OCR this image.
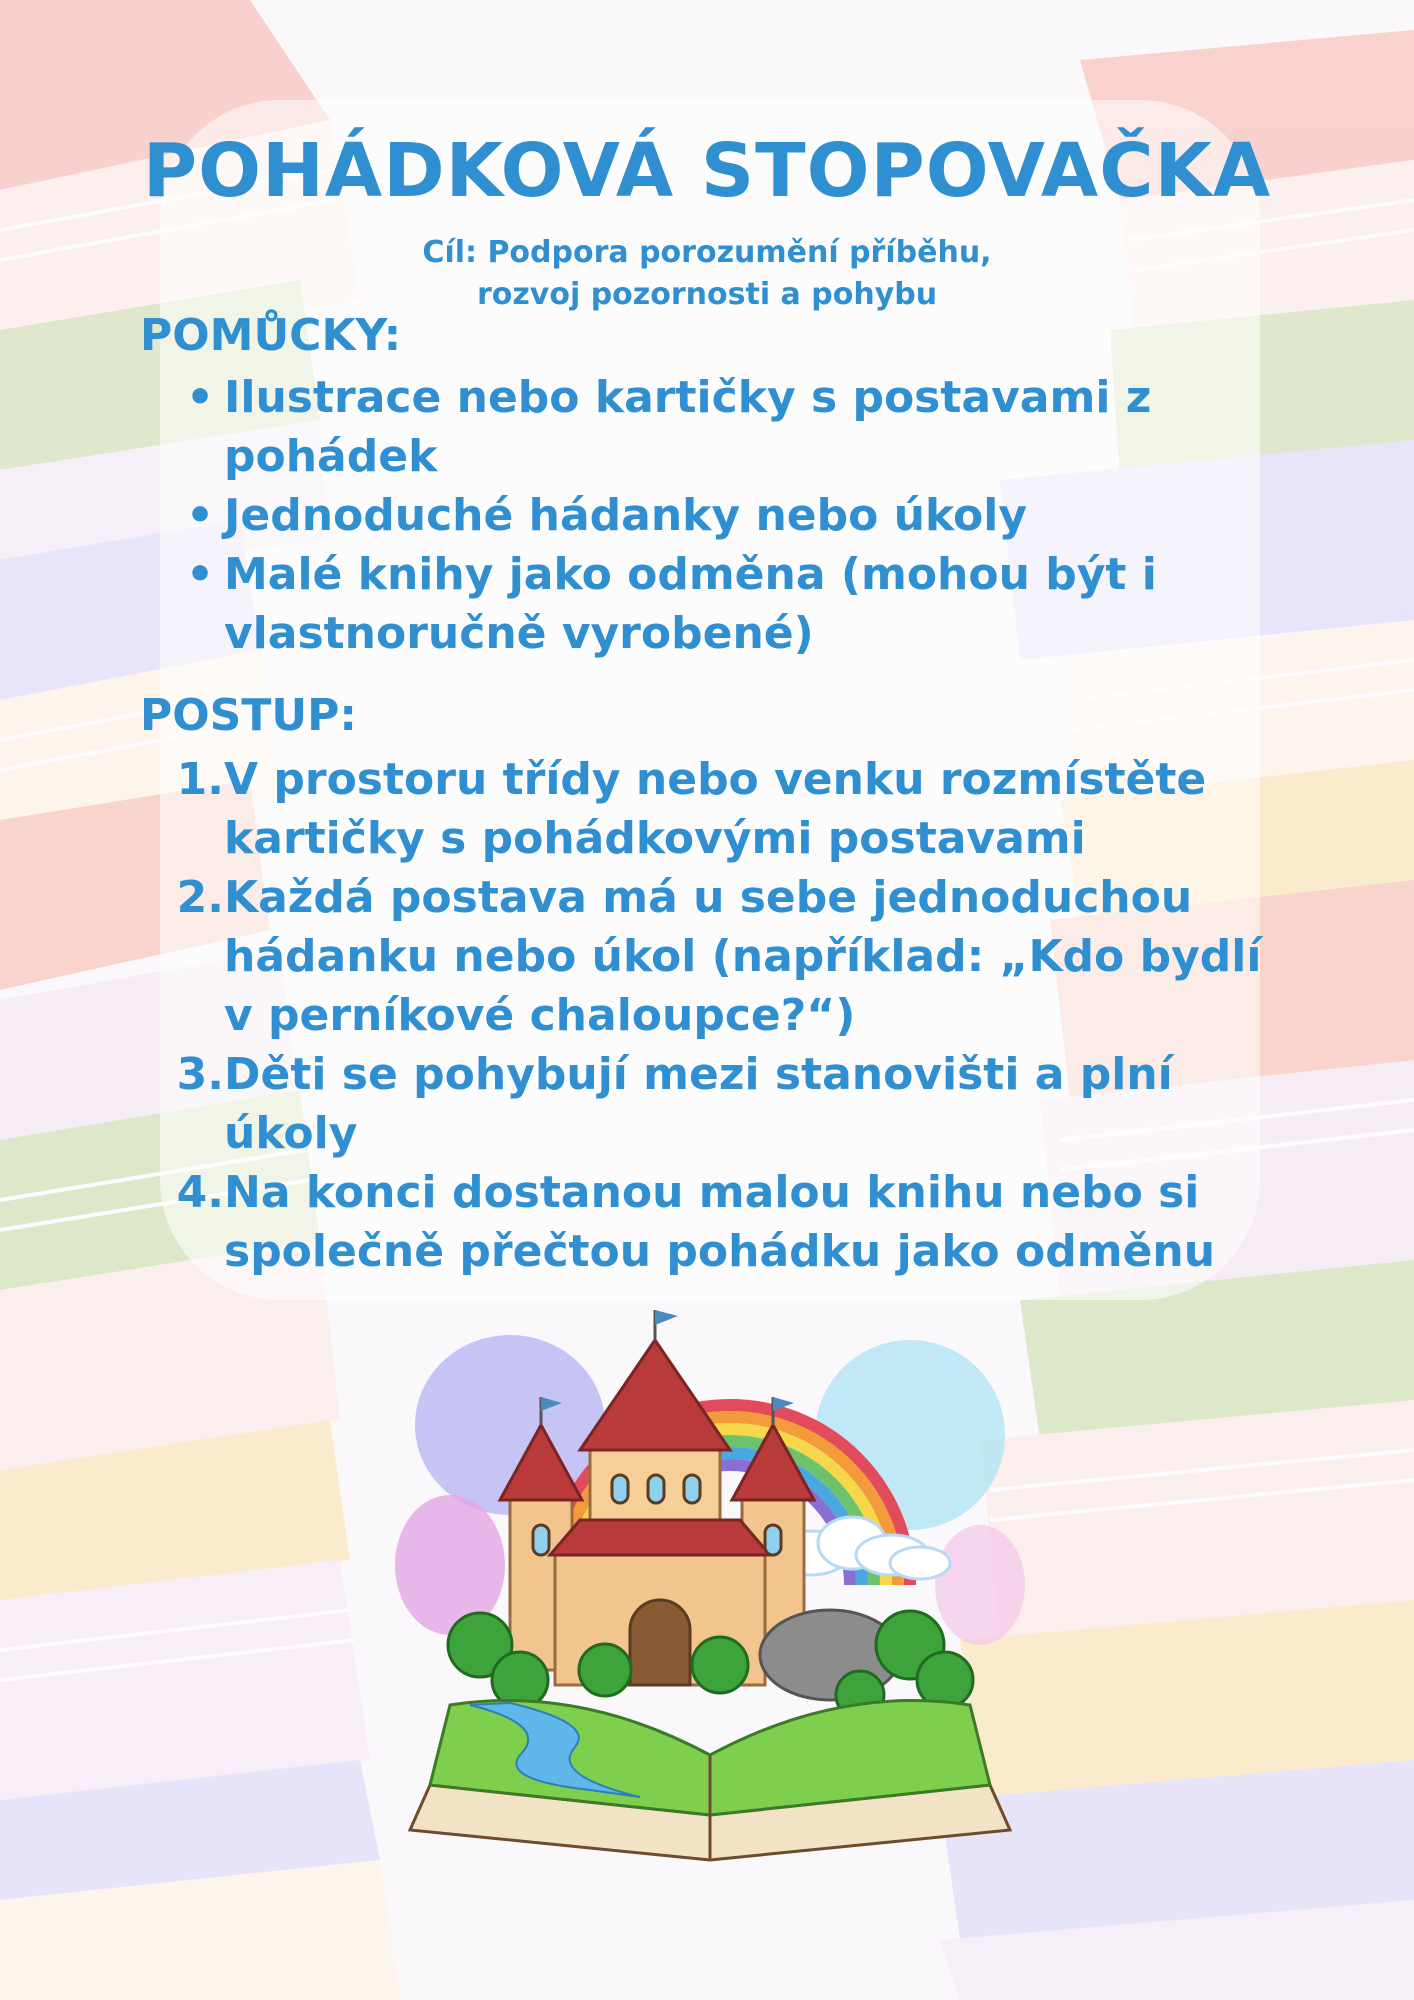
POHÁDKOVÁ STOPOVAČKA
Cíl: Podpora porozumění příběhu,
rozvoj pozornosti a pohybu
POMŮCKY:
• Ilustrace nebo kartičky s postavami z pohádek
• Jednoduché hádanky nebo úkoly
• Malé knihy jako odměna (mohou být i vlastnoručně vyrobené)
POSTUP:
1. V prostoru třídy nebo venku rozmístěte kartičky s pohádkovými postavami
2. Každá postava má u sebe jednoduchou hádanku nebo úkol (například: „Kdo bydlí v perníkové chaloupce?“)
3. Děti se pohybují mezi stanovišti a plní úkoly
4. Na konci dostanou malou knihu nebo si společně přečtou pohádku jako odměnu
